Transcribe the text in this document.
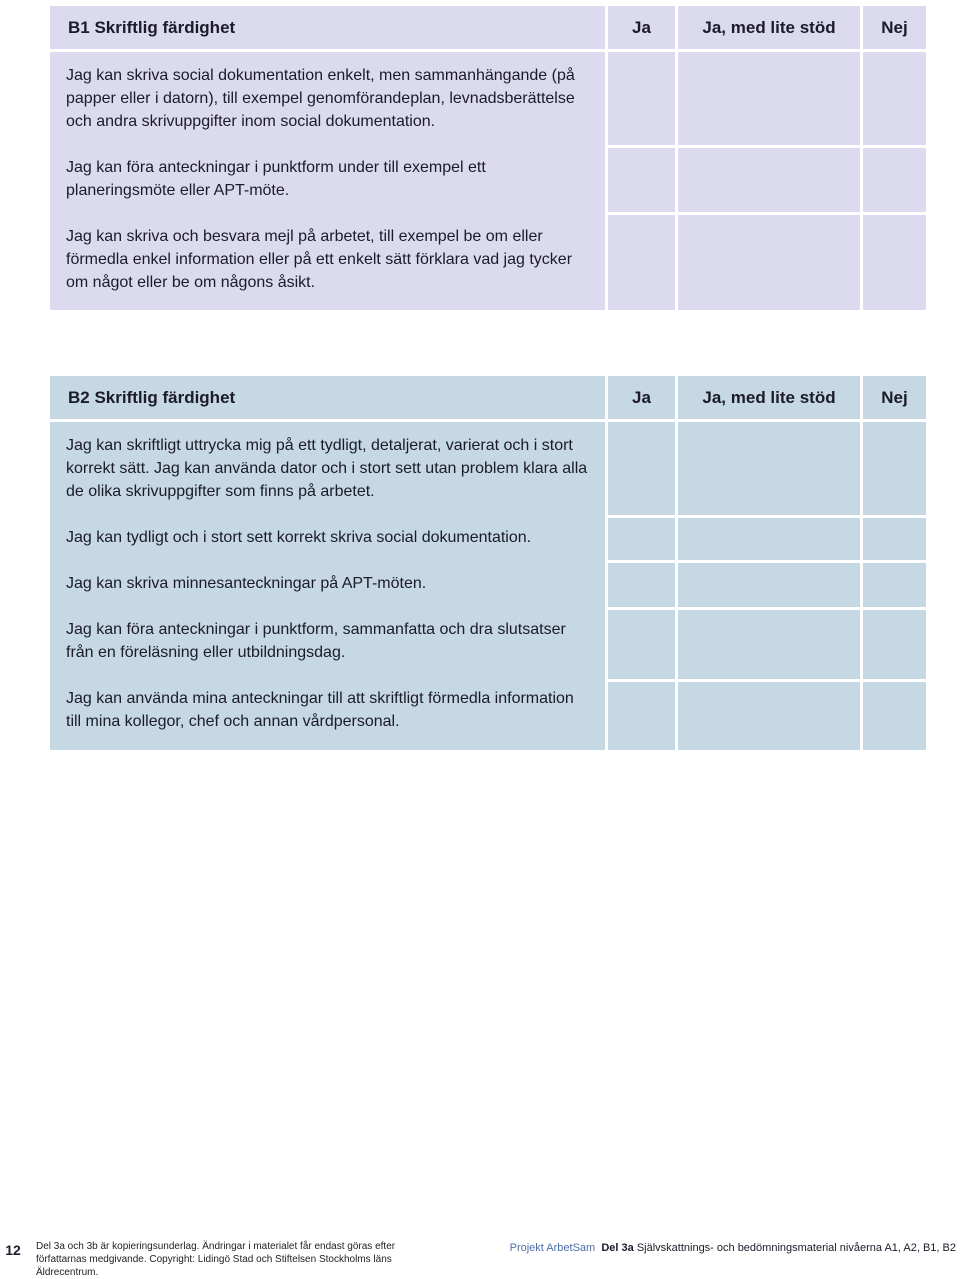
B1 Skriftlig färdighet	Ja	Ja, med lite stöd	Nej

Jag kan skriva social dokumentation enkelt, men sammanhängande (på papper eller i datorn), till exempel genomförandeplan, levnadsberättelse och andra skrivuppgifter inom social dokumentation.

Jag kan föra anteckningar i punktform under till exempel ett planeringsmöte eller APT-möte.

Jag kan skriva och besvara mejl på arbetet, till exempel be om eller förmedla enkel information eller på ett enkelt sätt förklara vad jag tycker om något eller be om någons åsikt.

B2 Skriftlig färdighet	Ja	Ja, med lite stöd	Nej

Jag kan skriftligt uttrycka mig på ett tydligt, detaljerat, varierat och i stort korrekt sätt. Jag kan använda dator och i stort sett utan problem klara alla de olika skrivuppgifter som finns på arbetet.

Jag kan tydligt och i stort sett korrekt skriva social dokumentation.

Jag kan skriva minnesanteckningar på APT-möten.

Jag kan föra anteckningar i punktform, sammanfatta och dra slutsatser från en föreläsning eller utbildningsdag.

Jag kan använda mina anteckningar till att skriftligt förmedla information till mina kollegor, chef och annan vårdpersonal.

12	Del 3a och 3b är kopieringsunderlag. Ändringar i materialet får endast göras efter författarnas medgivande. Copyright: Lidingö Stad och Stiftelsen Stockholms läns Äldrecentrum.
Projekt ArbetSam Del 3a Självskattnings- och bedömningsmaterial nivåerna A1, A2, B1, B2
